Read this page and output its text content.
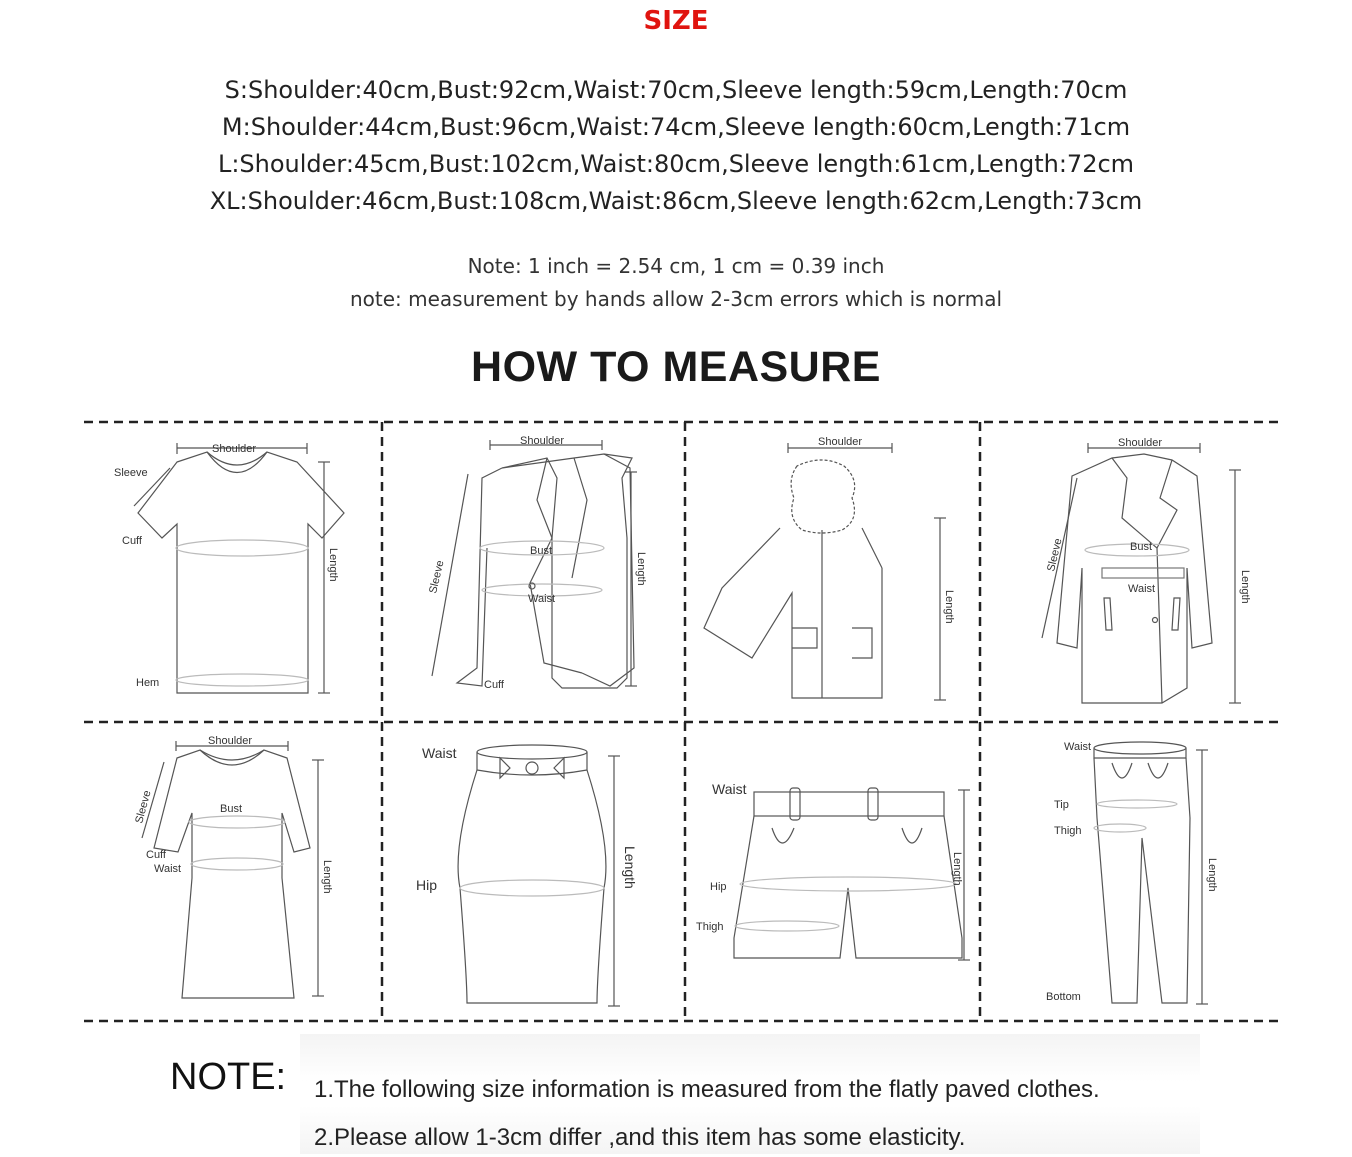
SIZE
S:Shoulder:40cm,Bust:92cm,Waist:70cm,Sleeve length:59cm,Length:70cm
M:Shoulder:44cm,Bust:96cm,Waist:74cm,Sleeve length:60cm,Length:71cm
L:Shoulder:45cm,Bust:102cm,Waist:80cm,Sleeve length:61cm,Length:72cm
XL:Shoulder:46cm,Bust:108cm,Waist:86cm,Sleeve length:62cm,Length:73cm
Note: 1 inch = 2.54 cm, 1 cm = 0.39 inch
note: measurement by hands allow 2-3cm errors which is normal
HOW TO MEASURE
Shoulder
Sleeve
Cuff
Hem
Length
Shoulder
Bust
Waist
Cuff
Sleeve	Length
Shoulder
Length
Shoulder
Bust
Waist
Sleeve
Length
Shoulder
Bust
Cuff
Waist
Sleeve
Length
Waist
Hip	Length
Waist
Hip
Thigh
Length
Waist
Tip
Thigh
Bottom
Length
NOTE: 1.The following size information is measured from the flatly paved clothes.
2.Please allow 1-3cm differ ,and this item has some elasticity.
